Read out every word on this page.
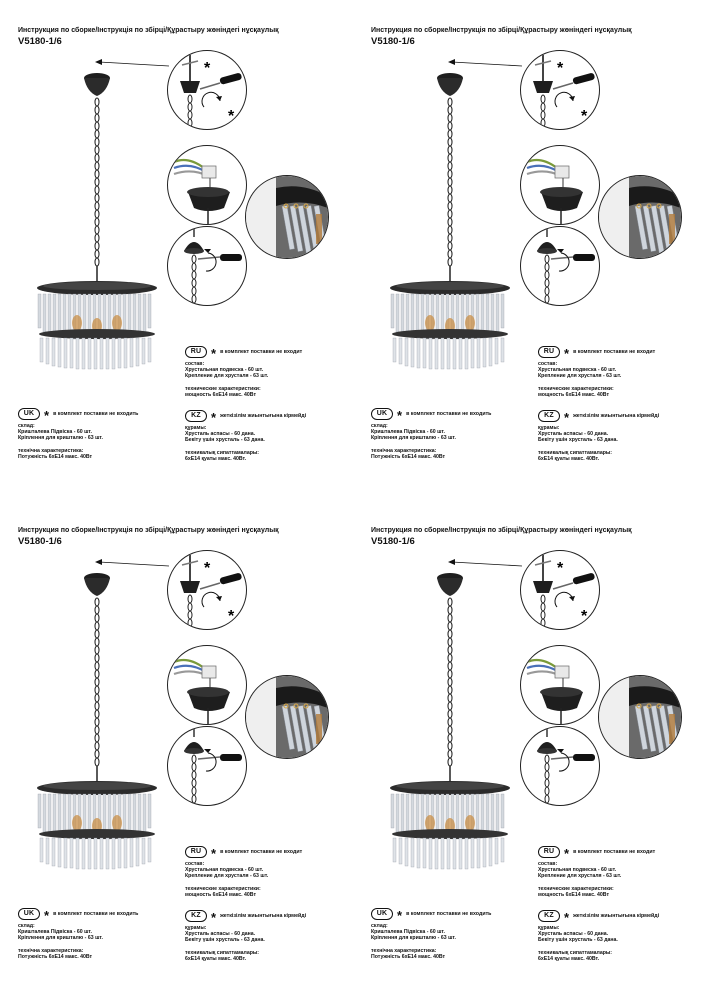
Инструкция по сборке/Інструкція по збірці/Құрастыру жөніндегі нұсқаулық
V5180-1/6
*
*
RU * в комплект поставки не входит
состав:
Хрустальная подвеска - 60 шт.
Крепление для хрусталя - 63 шт.
технические характеристики:
мощность 6xE14 макс. 40Вт
UK * в комплект поставки не входить
склад:
Кришталева Підвіска - 60 шт.
Кріплення для кришталю - 63 шт.
технічна характеристика:
Потужність 6xE14 макс. 40Вт
KZ * жеткізілім жиынтығына кірмейді
құрамы:
Хрусталь аспасы - 60 дана.
Бекіту үшін хрусталь - 63 дана.
техникалық сипаттамалары:
6xE14 қуаты макс. 40Вт.
Инструкция по сборке/Інструкція по збірці/Құрастыру жөніндегі нұсқаулық
V5180-1/6
*
*
RU * в комплект поставки не входит
состав:
Хрустальная подвеска - 60 шт.
Крепление для хрусталя - 63 шт.
технические характеристики:
мощность 6xE14 макс. 40Вт
UK * в комплект поставки не входить
склад:
Кришталева Підвіска - 60 шт.
Кріплення для кришталю - 63 шт.
технічна характеристика:
Потужність 6xE14 макс. 40Вт
KZ * жеткізілім жиынтығына кірмейді
құрамы:
Хрусталь аспасы - 60 дана.
Бекіту үшін хрусталь - 63 дана.
техникалық сипаттамалары:
6xE14 қуаты макс. 40Вт.
Инструкция по сборке/Інструкція по збірці/Құрастыру жөніндегі нұсқаулық
V5180-1/6
*
*
RU * в комплект поставки не входит
состав:
Хрустальная подвеска - 60 шт.
Крепление для хрусталя - 63 шт.
технические характеристики:
мощность 6xE14 макс. 40Вт
UK * в комплект поставки не входить
склад:
Кришталева Підвіска - 60 шт.
Кріплення для кришталю - 63 шт.
технічна характеристика:
Потужність 6xE14 макс. 40Вт
KZ * жеткізілім жиынтығына кірмейді
құрамы:
Хрусталь аспасы - 60 дана.
Бекіту үшін хрусталь - 63 дана.
техникалық сипаттамалары:
6xE14 қуаты макс. 40Вт.
Инструкция по сборке/Інструкція по збірці/Құрастыру жөніндегі нұсқаулық
V5180-1/6
*
*
RU * в комплект поставки не входит
состав:
Хрустальная подвеска - 60 шт.
Крепление для хрусталя - 63 шт.
технические характеристики:
мощность 6xE14 макс. 40Вт
UK * в комплект поставки не входить
склад:
Кришталева Підвіска - 60 шт.
Кріплення для кришталю - 63 шт.
технічна характеристика:
Потужність 6xE14 макс. 40Вт
KZ * жеткізілім жиынтығына кірмейді
құрамы:
Хрусталь аспасы - 60 дана.
Бекіту үшін хрусталь - 63 дана.
техникалық сипаттамалары:
6xE14 қуаты макс. 40Вт.
